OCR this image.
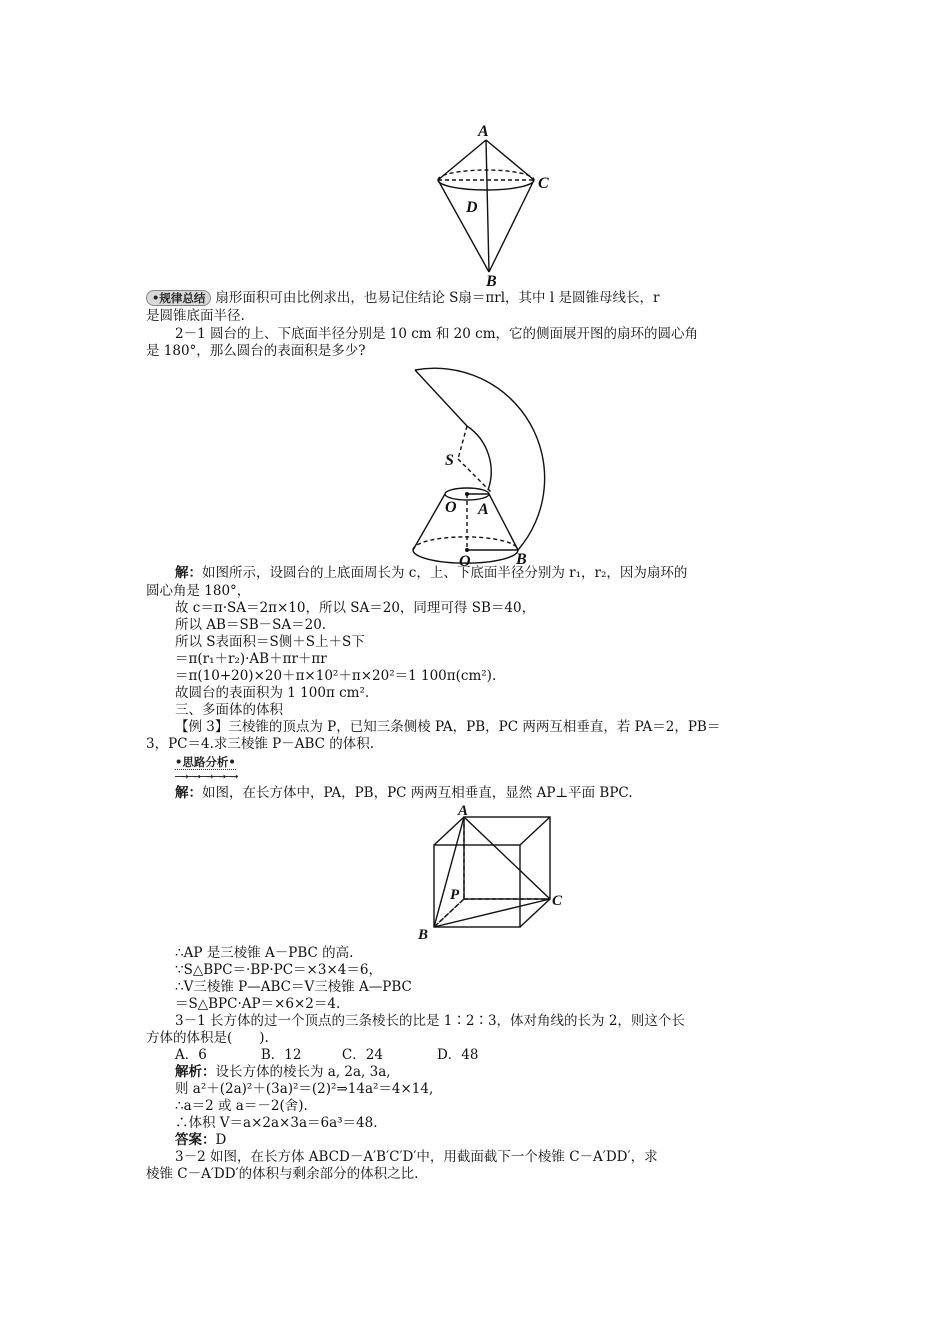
A
C
D
B
•规律总结 扇形面积可由比例求出，也易记住结论 S扇＝πrl，其中 l 是圆锥母线长，r
是圆锥底面半径.
2－1 圆台的上、下底面半径分别是 10 cm 和 20 cm，它的侧面展开图的扇环的圆心角
是 180°，那么圆台的表面积是多少?
S
O A
O	B
解：如图所示，设圆台的上底面周长为 c，上、下底面半径分别为 r₁，r₂，因为扇环的
圆心角是 180°，
故 c＝π·SA＝2π×10，所以 SA＝20，同理可得 SB＝40，
所以 AB＝SB－SA＝20.
所以 S表面积＝S侧＋S上＋S下
＝π(r₁＋r₂)·AB＋πr＋πr
＝π(10+20)×20＋π×10²＋π×20²＝1 100π(cm²).
故圆台的表面积为 1 100π cm².
三、多面体的体积
【例 3】三棱锥的顶点为 P，已知三条侧棱 PA，PB，PC 两两互相垂直，若 PA＝2，PB＝
3，PC＝4.求三棱锥 P－ABC 的体积.
•思路分析•
—→—→—→—→—→
解：如图，在长方体中，PA，PB，PC 两两互相垂直，显然 AP⊥平面 BPC.
A
P	C
B
∴AP 是三棱锥 A－PBC 的高.
∵S△BPC＝·BP·PC＝×3×4＝6，
∴V三棱锥 P—ABC＝V三棱锥 A—PBC
＝S△BPC·AP＝×6×2＝4.
3－1 长方体的过一个顶点的三条棱长的比是 1∶2∶3，体对角线的长为 2，则这个长
方体的体积是(　　).
A．6　　　　B．12　　　C．24　　　　D．48
解析：设长方体的棱长为 a, 2a, 3a,
则 a²＋(2a)²＋(3a)²＝(2)²⇒14a²＝4×14,
∴a＝2 或 a＝－2(舍).
∴体积 V＝a×2a×3a＝6a³＝48.
答案：D
3－2 如图，在长方体 ABCD－A′B′C′D′中，用截面截下一个棱锥 C－A′DD′，求
棱锥 C－A′DD′的体积与剩余部分的体积之比.
